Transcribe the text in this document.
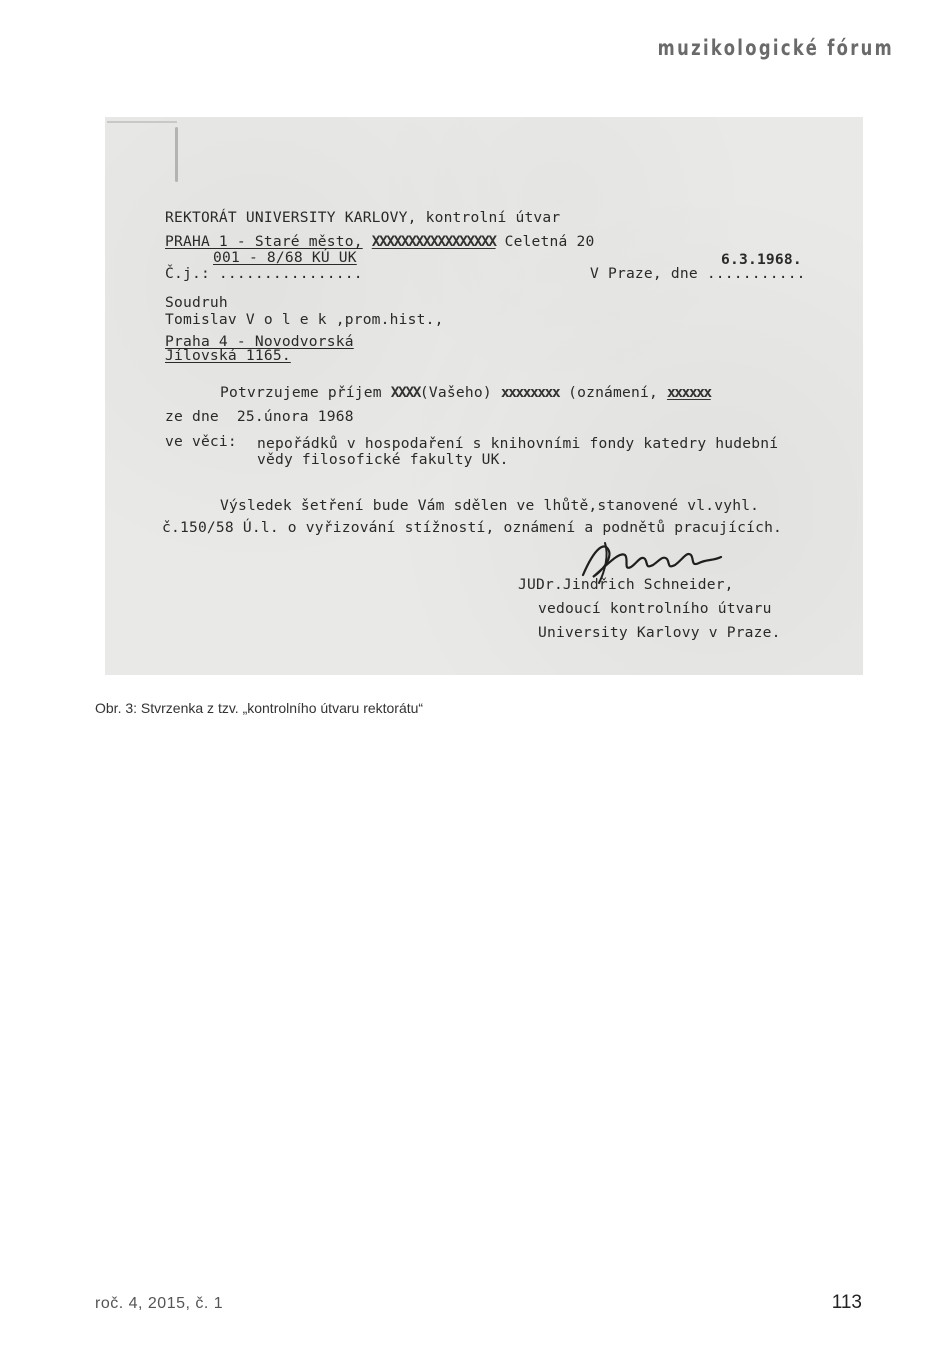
muzikologické fórum
REKTORÁT UNIVERSITY KARLOVY, kontrolní útvar
PRAHA 1 - Staré město, XXXXXXXXXXXXXXXXX Celetná 20
001 - 8/68 KÚ UK	6.3.1968.
Č.j.: ................	V Praze, dne ...........
Soudruh
Tomislav V o l e k ,prom.hist.,
Praha 4 - Novodvorská
Jílovská 1165.
Potvrzujeme příjem XXXX(Vašeho) xxxxxxxx (oznámení, xxxxxx
ze dne 25.února 1968
ve věci: nepořádků v hospodaření s knihovními fondy katedry hudební
vědy filosofické fakulty UK.
Výsledek šetření bude Vám sdělen ve lhůtě,stanovené vl.vyhl.
č.150/58 Ú.l. o vyřizování stížností, oznámení a podnětů pracujících.
JUDr.Jindřich Schneider,
vedoucí kontrolního útvaru
University Karlovy v Praze.
Obr. 3: Stvrzenka z tzv. „kontrolního útvaru rektorátu“
roč. 4, 2015, č. 1	113
